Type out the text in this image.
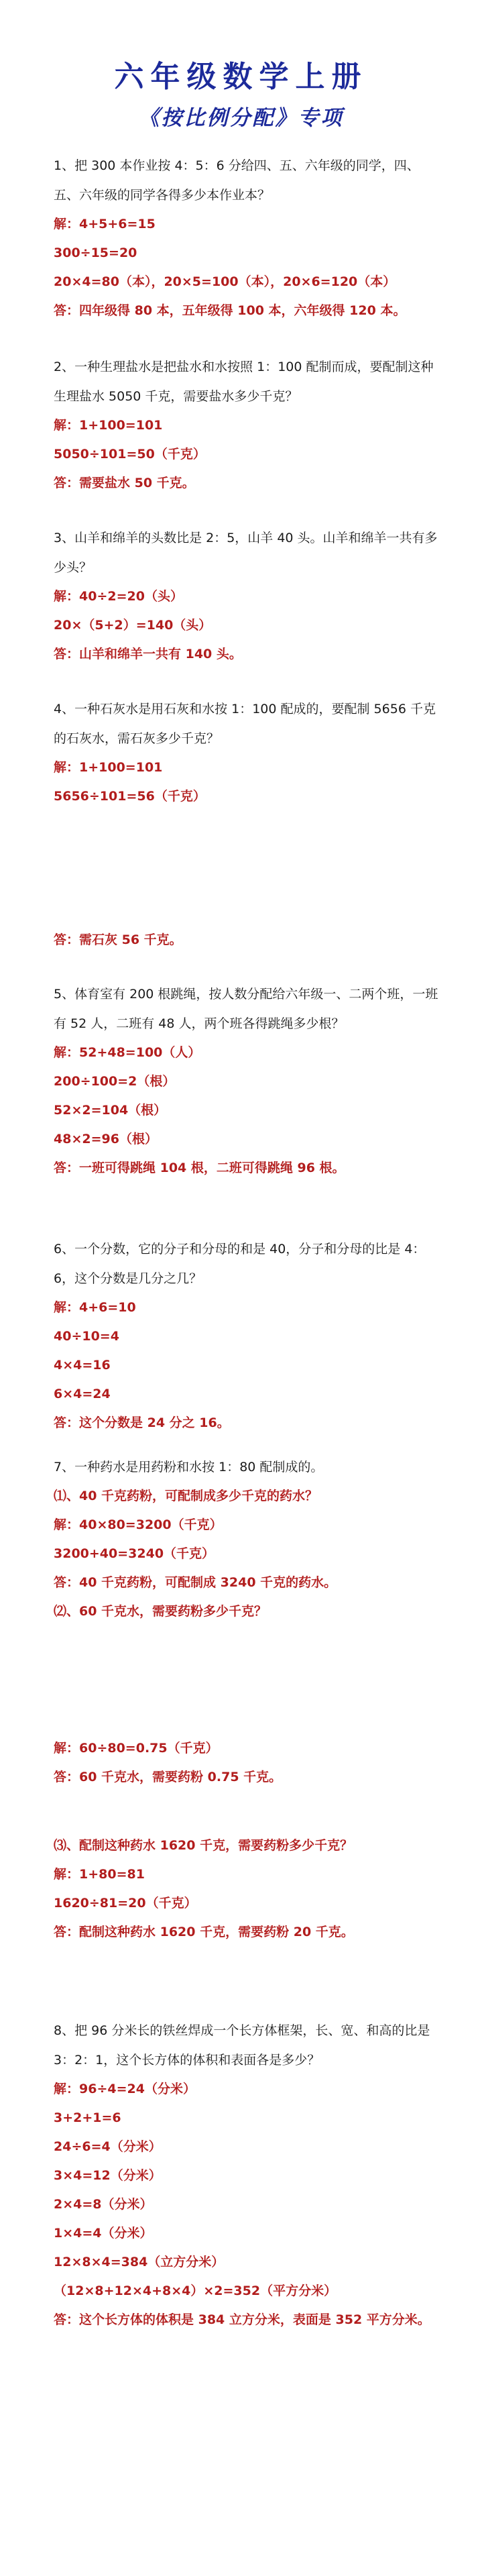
六年级数学上册
《按比例分配》专项

1、把 300 本作业按 4：5：6 分给四、五、六年级的同学，四、五、六年级的同学各得多少本作业本？

解：4+5+6=15

300÷15=20

20×4=80（本），20×5=100（本），20×6=120（本）

答：四年级得 80 本，五年级得 100 本，六年级得 120 本。

2、一种生理盐水是把盐水和水按照 1：100 配制而成，要配制这种生理盐水 5050 千克，需要盐水多少千克？

解：1+100=101

5050÷101=50（千克）

答：需要盐水 50 千克。

3、山羊和绵羊的头数比是 2：5，山羊 40 头。山羊和绵羊一共有多少头？

解：40÷2=20（头）

20×（5+2）=140（头）

答：山羊和绵羊一共有 140 头。

4、一种石灰水是用石灰和水按 1：100 配成的，要配制 5656 千克的石灰水，需石灰多少千克？

解：1+100=101

5656÷101=56（千克）

答：需石灰 56 千克。

5、体育室有 200 根跳绳，按人数分配给六年级一、二两个班，一班有 52 人，二班有 48 人，两个班各得跳绳多少根？

解：52+48=100（人）

200÷100=2（根）

52×2=104（根）

48×2=96（根）

答：一班可得跳绳 104 根，二班可得跳绳 96 根。

6、一个分数，它的分子和分母的和是 40，分子和分母的比是 4：6，这个分数是几分之几？

解：4+6=10

40÷10=4

4×4=16

6×4=24

答：这个分数是 24 分之 16。

7、一种药水是用药粉和水按 1：80 配制成的。

⑴、40 千克药粉，可配制成多少千克的药水？

解：40×80=3200（千克）

3200+40=3240（千克）

答：40 千克药粉，可配制成 3240 千克的药水。

⑵、60 千克水，需要药粉多少千克？

解：60÷80=0.75（千克）

答：60 千克水，需要药粉 0.75 千克。

⑶、配制这种药水 1620 千克，需要药粉多少千克？

解：1+80=81

1620÷81=20（千克）

答：配制这种药水 1620 千克，需要药粉 20 千克。

8、把 96 分米长的铁丝焊成一个长方体框架，长、宽、和高的比是 3：2：1，这个长方体的体积和表面各是多少？

解：96÷4=24（分米）

3+2+1=6

24÷6=4（分米）

3×4=12（分米）

2×4=8（分米）

1×4=4（分米）

12×8×4=384（立方分米）

（12×8+12×4+8×4）×2=352（平方分米）

答：这个长方体的体积是 384 立方分米，表面是 352 平方分米。
